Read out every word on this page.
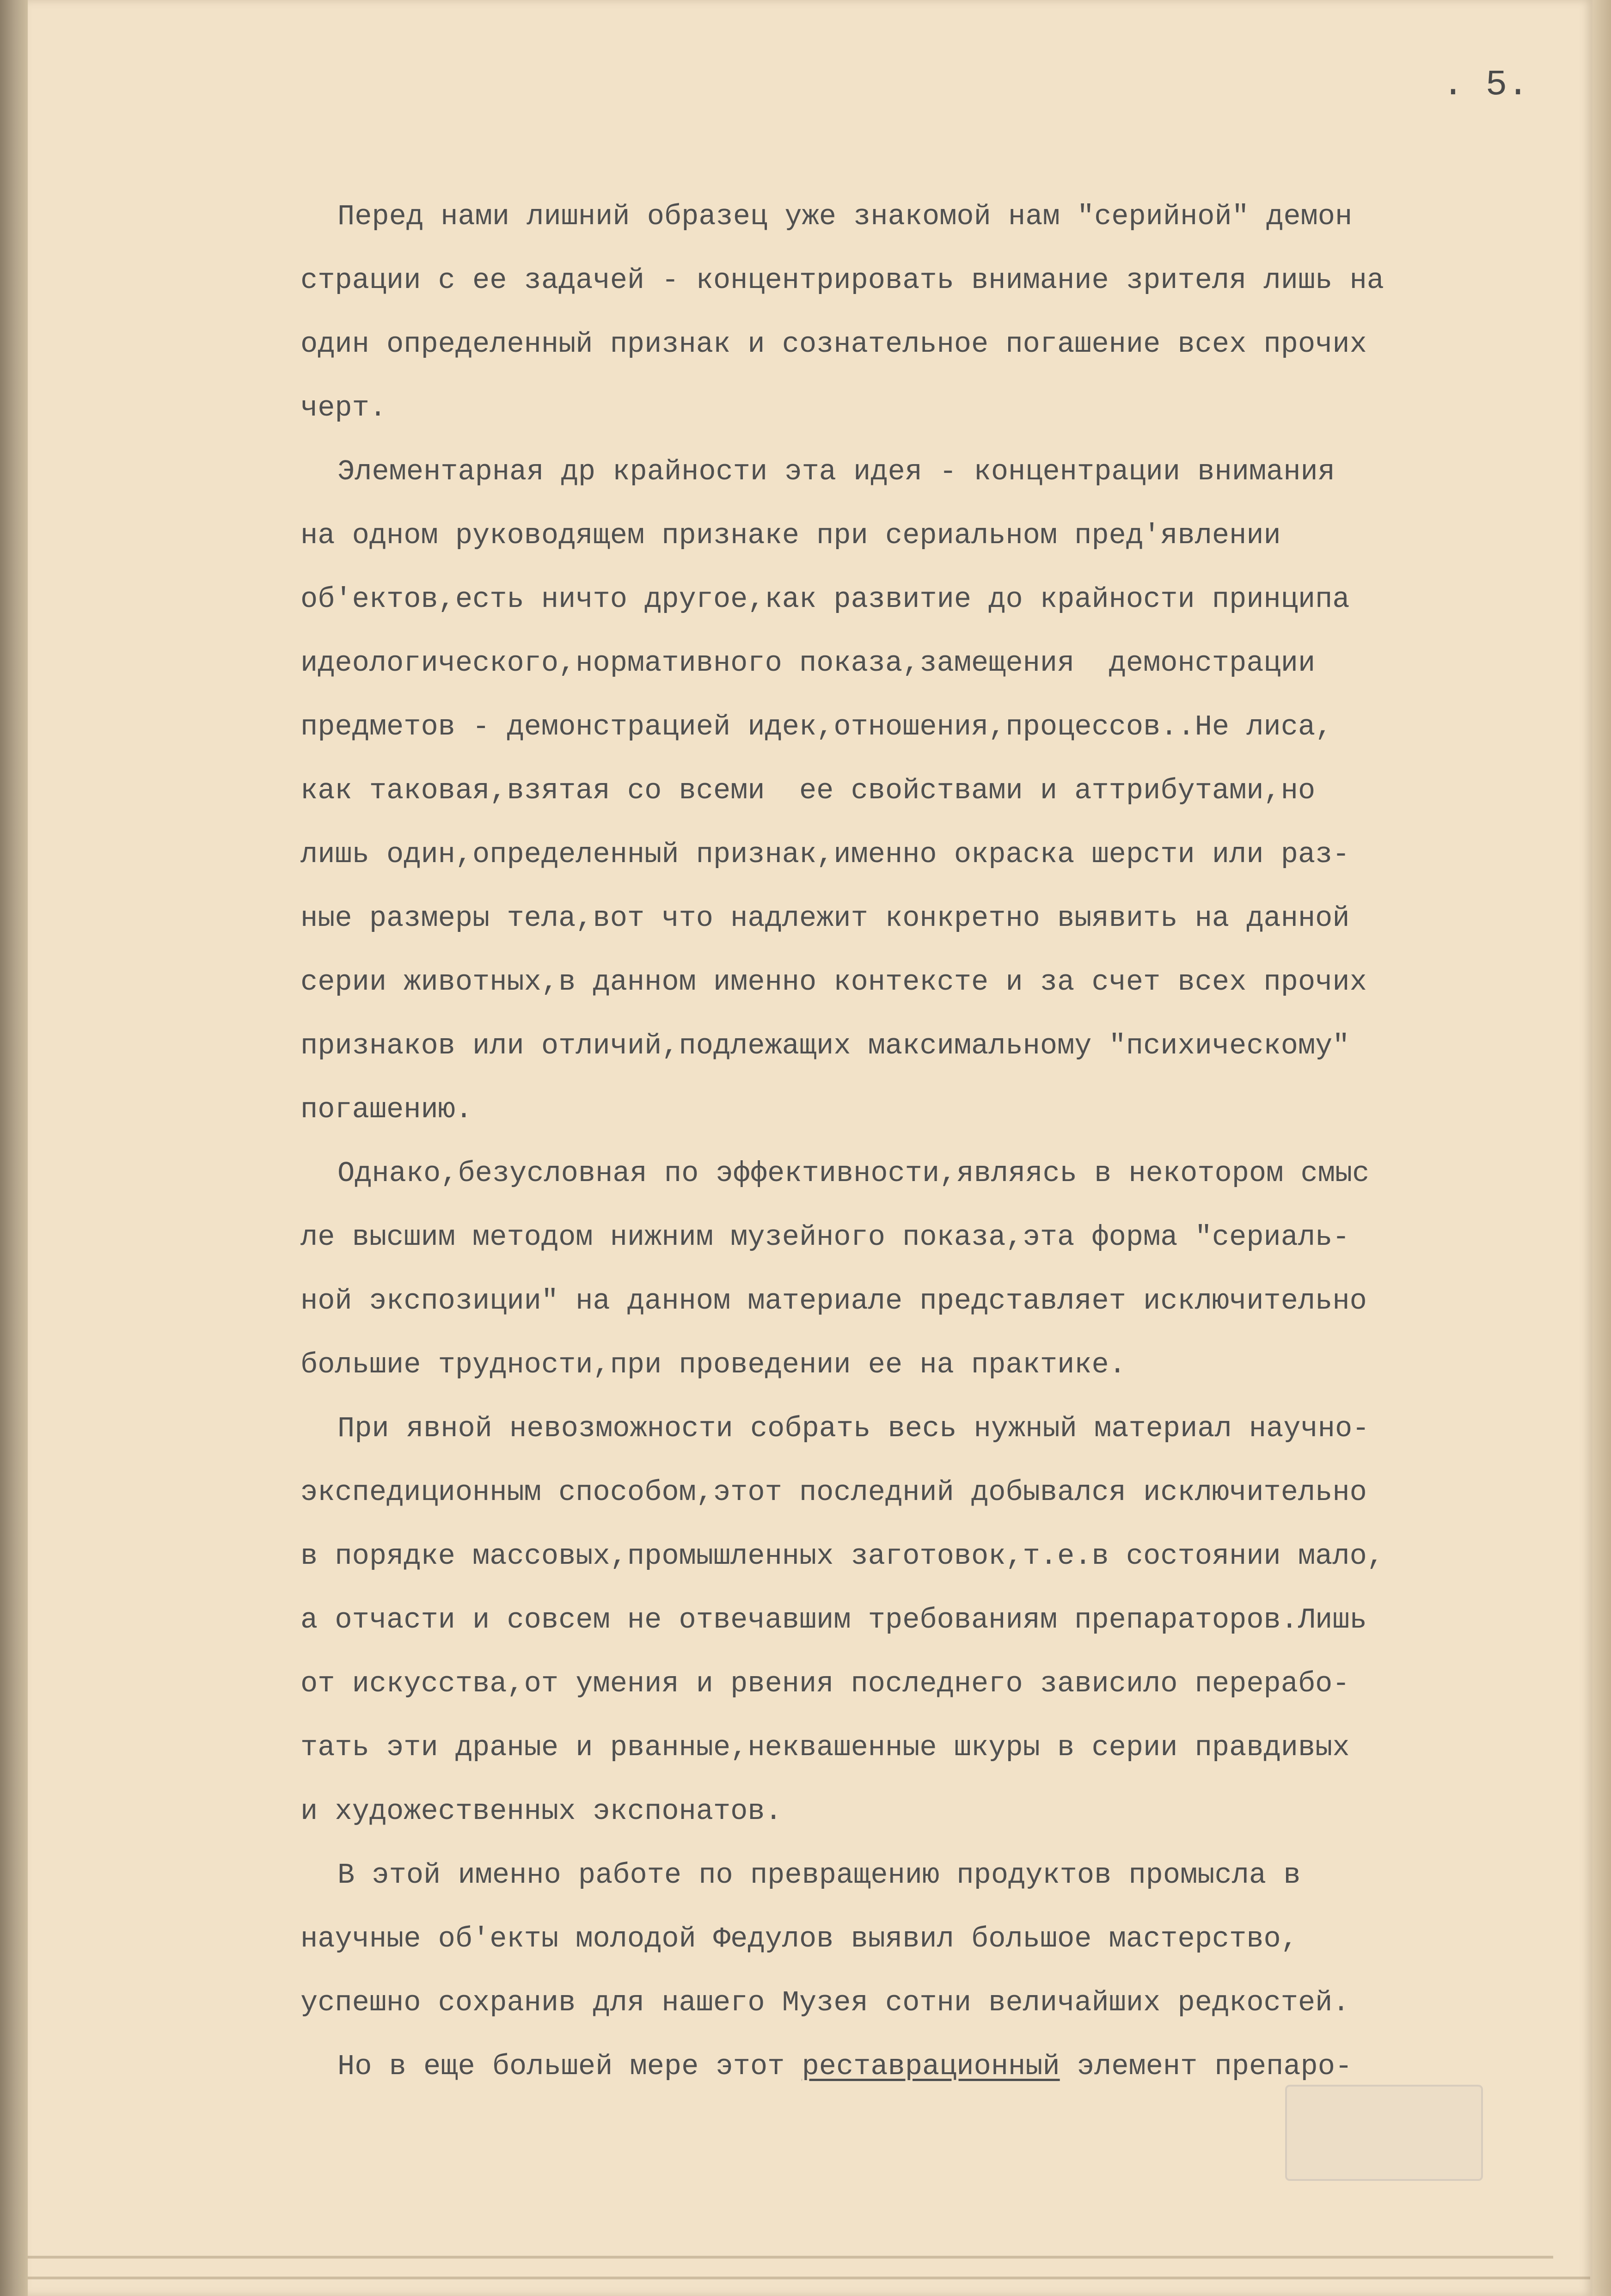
. 5.
Перед нами лишний образец уже знакомой нам "серийной" демон
страции с ее задачей - концентрировать внимание зрителя лишь на
один определенный признак и сознательное погашение всех прочих
черт.
Элементарная др крайности эта идея - концентрации внимания
на одном руководящем признаке при сериальном пред'явлении
об'ектов,есть ничто другое,как развитие до крайности принципа
идеологического,нормативного показа,замещения  демонстрации
предметов - демонстрацией идек,отношения,процессов..Не лиса,
как таковая,взятая со всеми  ее свойствами и аттрибутами,но
лишь один,определенный признак,именно окраска шерсти или раз-
ные размеры тела,вот что надлежит конкретно выявить на данной
серии животных,в данном именно контексте и за счет всех прочих
признаков или отличий,подлежащих максимальному "психическому"
погашению.
Однако,безусловная по эффективности,являясь в некотором смыс
ле высшим методом нижним музейного показа,эта форма "сериаль-
ной экспозиции" на данном материале представляет исключительно
большие трудности,при проведении ее на практике.
При явной невозможности собрать весь нужный материал научно-
экспедиционным способом,этот последний добывался исключительно
в порядке массовых,промышленных заготовок,т.е.в состоянии мало,
а отчасти и совсем не отвечавшим требованиям препараторов.Лишь
от искусства,от умения и рвения последнего зависило перерабо-
тать эти драные и рванные,неквашенные шкуры в серии правдивых
и художественных экспонатов.
В этой именно работе по превращению продуктов промысла в
научные об'екты молодой Федулов выявил большое мастерство,
успешно сохранив для нашего Музея сотни величайших редкостей.
Но в еще большей мере этот реставрационный элемент препаро-
